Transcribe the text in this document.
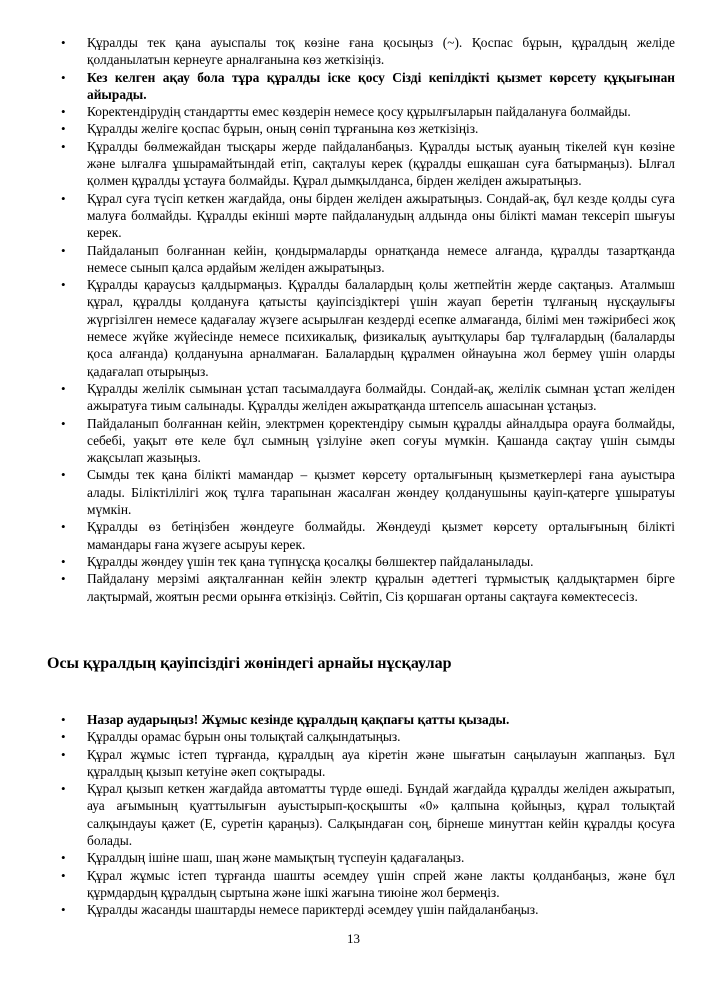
• Құралды тек қана ауыспалы тоқ көзіне ғана қосыңыз (~). Қоспас бұрын, құралдың желіде қолданылатын кернеуге арналғанына көз жеткізіңіз.
• Кез келген ақау бола тұра құралды іске қосу Сізді кепілдікті қызмет көрсету құқығынан айырады.
• Коректендірудің стандартты емес көздерін немесе қосу құрылғыларын пайдалануға болмайды.
• Құралды желіге қоспас бұрын, оның сөніп тұрғанына көз жеткізіңіз.
• Құралды бөлмежайдан тысқары жерде пайдаланбаңыз. Құралды ыстық ауаның тікелей күн көзіне және ылғалға ұшырамайтындай етіп, сақталуы керек (құралды ешқашан суға батырмаңыз). Ылғал қолмен құралды ұстауға болмайды. Құрал дымқылданса, бірден желіден ажыратыңыз.
• Құрал суға түсіп кеткен жағдайда, оны бірден желіден ажыратыңыз. Сондай-ақ, бұл кезде қолды суға малуға болмайды. Құралды екінші мәрте пайдаланудың алдында оны білікті маман тексеріп шығуы керек.
• Пайдаланып болғаннан кейін, қондырмаларды орнатқанда немесе алғанда, құралды тазартқанда немесе сынып қалса әрдайым желіден ажыратыңыз.
• Құралды қараусыз қалдырмаңыз. Құралды балалардың қолы жетпейтін жерде сақтаңыз. Аталмыш құрал, құралды қолдануға қатысты қауіпсіздіктері үшін жауап беретін тұлғаның нұсқаулығы жүргізілген немесе қадағалау жүзеге асырылған кездерді есепке алмағанда, білімі мен тәжірибесі жоқ немесе жүйке жүйесінде немесе психикалық, физикалық ауытқулары бар тұлғалардың (балаларды қоса алғанда) қолдануына арналмаған. Балалардың құралмен ойнауына жол бермеу үшін оларды қадағалап отырыңыз.
• Құралды желілік сымынан ұстап тасымалдауға болмайды. Сондай-ақ, желілік сымнан ұстап желіден ажыратуға тиым салынады. Құралды желіден ажыратқанда штепсель ашасынан ұстаңыз.
• Пайдаланып болғаннан кейін, электрмен қоректендіру сымын құралды айналдыра орауға болмайды, себебі, уақыт өте келе бұл сымның үзілуіне әкеп соғуы мүмкін. Қашанда сақтау үшін сымды жақсылап жазыңыз.
• Сымды тек қана білікті мамандар – қызмет көрсету орталығының қызметкерлері ғана ауыстыра алады. Біліктілілігі жоқ тұлға тарапынан жасалған жөндеу қолданушыны қауіп-қатерге ұшыратуы мүмкін.
• Құралды өз бетіңізбен жөндеуге болмайды. Жөндеуді қызмет көрсету орталығының білікті мамандары ғана жүзеге асыруы керек.
• Құралды жөндеу үшін тек қана түпнұсқа қосалқы бөлшектер пайдаланылады.
• Пайдалану мерзімі аяқталғаннан кейін электр құралын әдеттегі тұрмыстық қалдықтармен бірге лақтырмай, жоятын ресми орынға өткізіңіз. Сөйтіп, Сіз қоршаған ортаны сақтауға көмектесесіз.
Осы құралдың қауіпсіздігі жөніндегі арнайы нұсқаулар
• Назар аударыңыз! Жұмыс кезінде құралдың қақпағы қатты қызады.
• Құралды орамас бұрын оны толықтай салқындатыңыз.
• Құрал жұмыс істеп тұрғанда, құралдың ауа кіретін және шығатын саңылауын жаппаңыз. Бұл құралдың қызып кетуіне әкеп соқтырады.
• Құрал қызып кеткен жағдайда автоматты түрде өшеді. Бұндай жағдайда құралды желіден ажыратып, ауа ағымының қуаттылығын ауыстырып-қосқышты «0» қалпына қойыңыз, құрал толықтай салқындауы қажет (Е, суретін қараңыз). Салқындаған соң, бірнеше минуттан кейін құралды қосуға болады.
• Құралдың ішіне шаш, шаң және мамықтың түспеуін қадағалаңыз.
• Құрал жұмыс істеп тұрғанда шашты әсемдеу үшін спрей және лакты қолданбаңыз, және бұл құрмдардың құралдың сыртына және ішкі жағына тиюіне жол бермеңіз.
• Құралды жасанды шаштарды немесе париктерді әсемдеу үшін пайдаланбаңыз.
13
